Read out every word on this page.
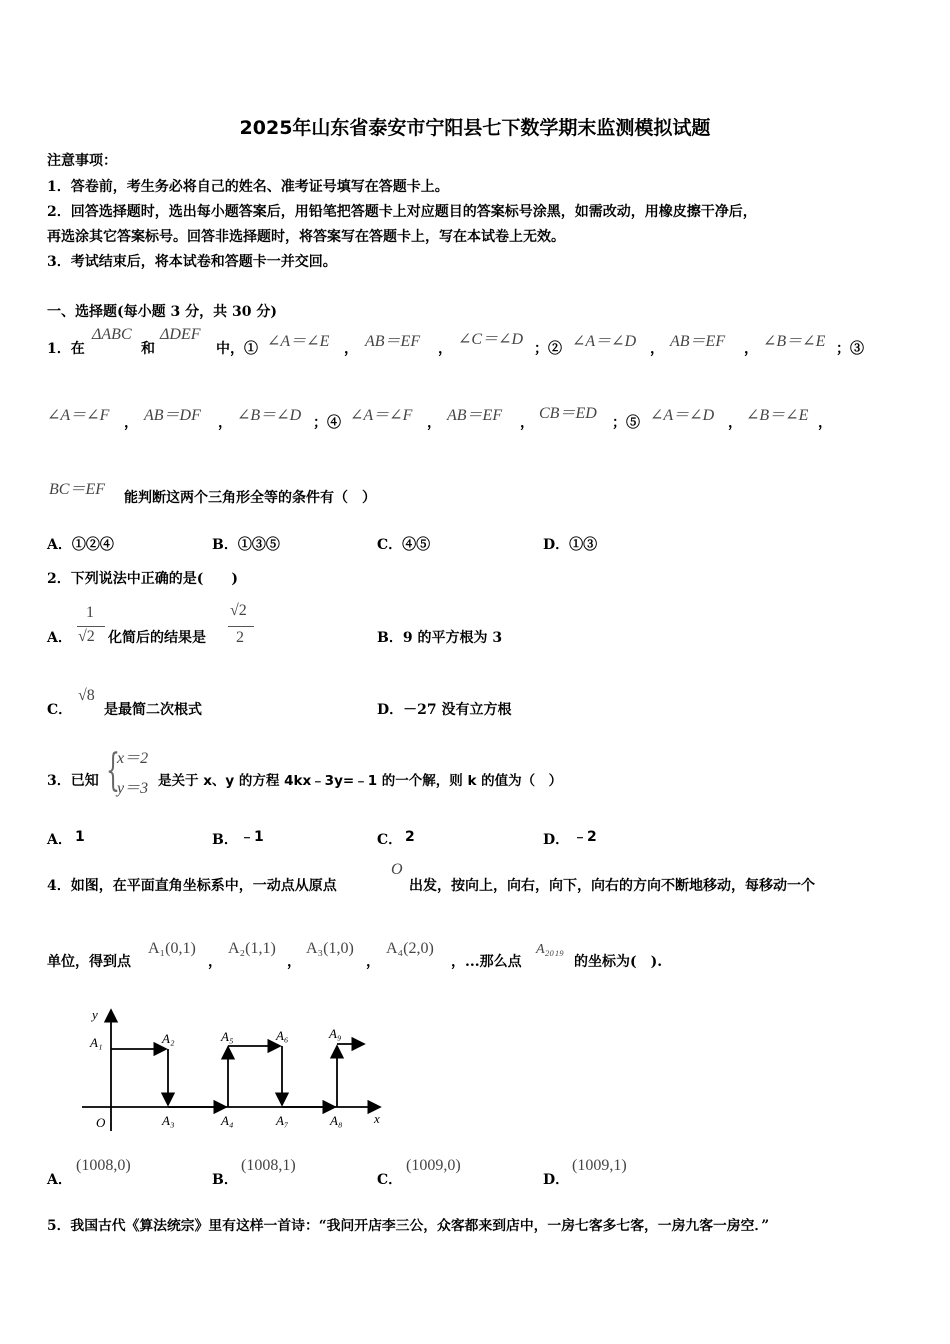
2025年山东省泰安市宁阳县七下数学期末监测模拟试题
注意事项：
1．答卷前，考生务必将自己的姓名、准考证号填写在答题卡上。
2．回答选择题时，选出每小题答案后，用铅笔把答题卡上对应题目的答案标号涂黑，如需改动，用橡皮擦干净后，
再选涂其它答案标号。回答非选择题时，将答案写在答题卡上，写在本试卷上无效。
3．考试结束后，将本试卷和答题卡一并交回。
一、选择题(每小题 3 分，共 30 分)
1．在
ΔABC
和
ΔDEF
中，① ∠A＝∠E ， AB＝EF ，
∠C＝∠D
；② ∠A＝∠D ， AB＝EF ， ∠B＝∠E ；③
∠A＝∠F ， AB＝DF ， ∠B＝∠D ；④ ∠A＝∠F ， AB＝EF ，
CB＝ED
；⑤ ∠A＝∠D ， ∠B＝∠E ，
BC＝EF 能判断这两个三角形全等的条件有（　）
A．①②④	B．①③⑤	C．④⑤	D．①③
2．下列说法中正确的是(　　)
A．
1
√2 化简后的结果是
√2
2	B．9 的平方根为 3
C．
√8
是最简二次根式	D．－27 没有立方根
3．已知 {
x＝2
y＝3 是关于 x、y 的方程 4kx﹣3y=﹣1 的一个解，则 k 的值为（　）
A． 1	B． ﹣1	C． 2	D． ﹣2
4．如图，在平面直角坐标系中，一动点从原点
O
出发，按向上，向右，向下，向右的方向不断地移动，每移动一个
单位，得到点
A₁(0,1)
，
A₂(1,1)
，
A₃(1,0)
，
A₄(2,0)
，...那么点
A₂₀₁₉
的坐标为(　).
y
x
O
A₁	A₂
A₃	A₄
A₅	A₆
A₇	A₈
A₉
A．
(1008,0)
B．
(1008,1)
C．
(1009,0)
D．
(1009,1)
5．我国古代《算法统宗》里有这样一首诗：“我问开店李三公，众客都来到店中，一房七客多七客，一房九客一房空．”
